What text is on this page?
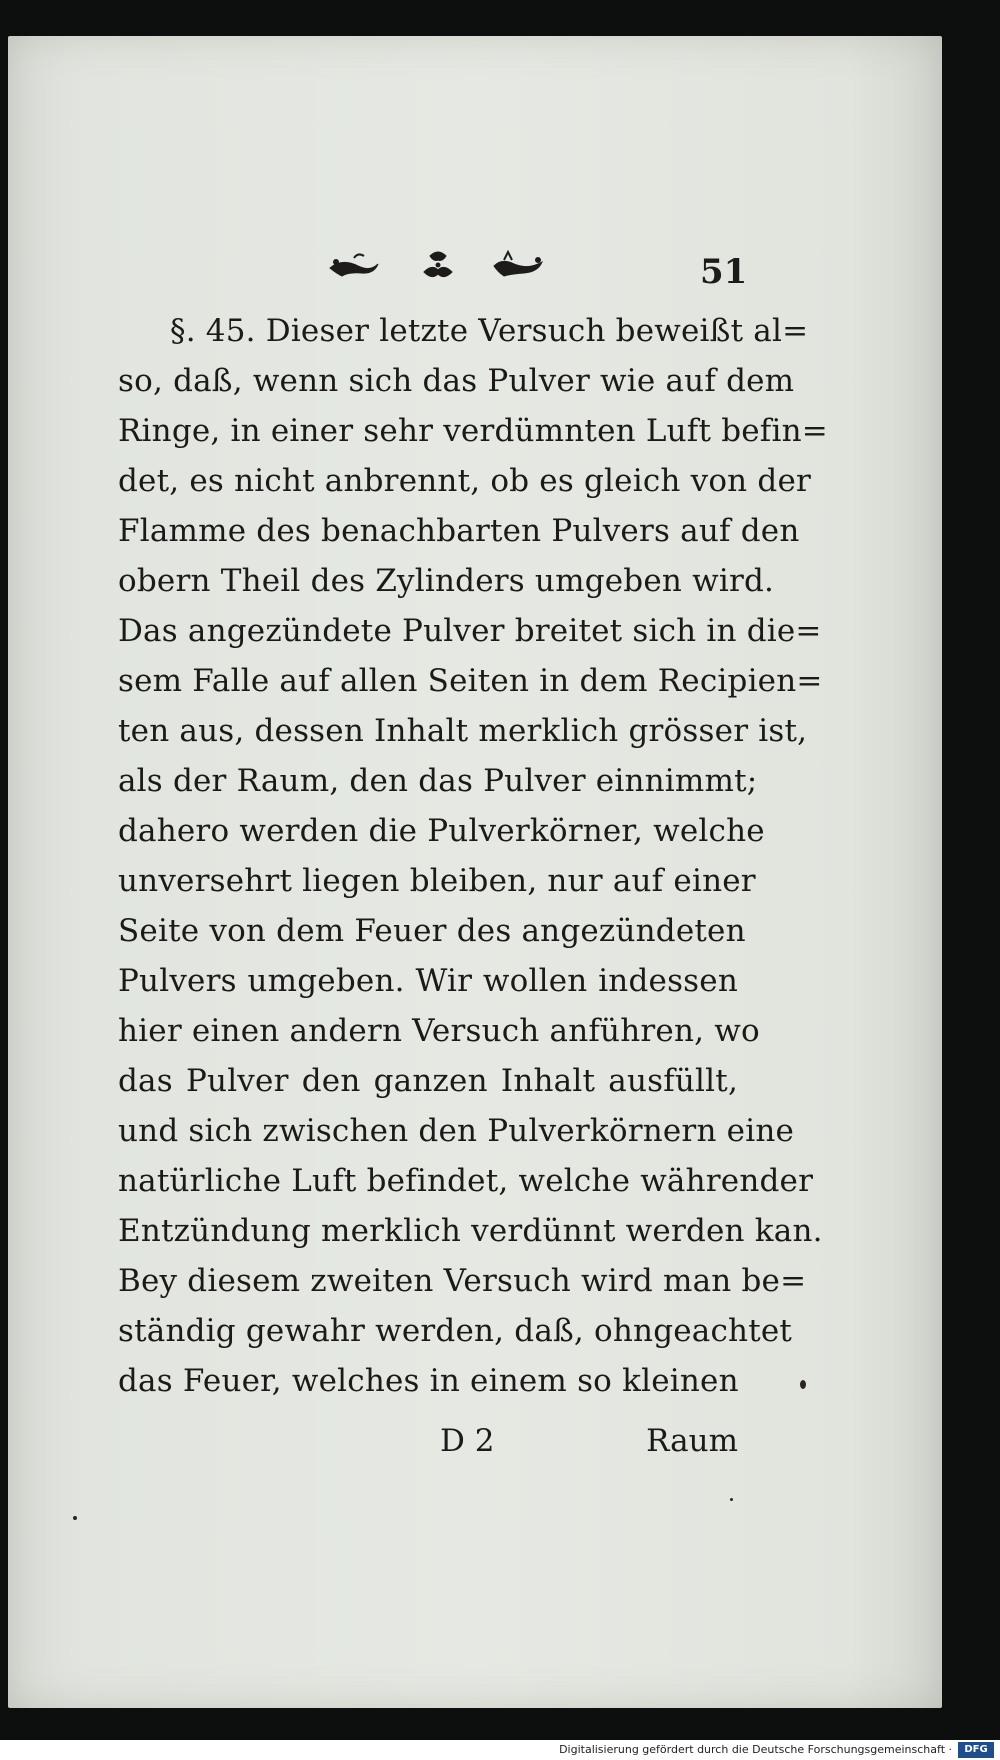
51
§. 45. Dieser letzte Versuch beweißt al=
so, daß, wenn sich das Pulver wie auf dem
Ringe, in einer sehr verdümnten Luft befin=
det, es nicht anbrennt, ob es gleich von der
Flamme des benachbarten Pulvers auf den
obern Theil des Zylinders umgeben wird.
Das angezündete Pulver breitet sich in die=
sem Falle auf allen Seiten in dem Recipien=
ten aus, dessen Inhalt merklich grösser ist,
als der Raum, den das Pulver einnimmt;
dahero werden die Pulverkörner, welche
unversehrt liegen bleiben, nur auf einer
Seite von dem Feuer des angezündeten
Pulvers umgeben. Wir wollen indessen
hier einen andern Versuch anführen, wo
das Pulver den ganzen Inhalt ausfüllt,
und sich zwischen den Pulverkörnern eine
natürliche Luft befindet, welche währender
Entzündung merklich verdünnt werden kan.
Bey diesem zweiten Versuch wird man be=
ständig gewahr werden, daß, ohngeachtet
das Feuer, welches in einem so kleinen
D 2	Raum
Digitalisierung gefördert durch die Deutsche Forschungsgemeinschaft ·	DFG
